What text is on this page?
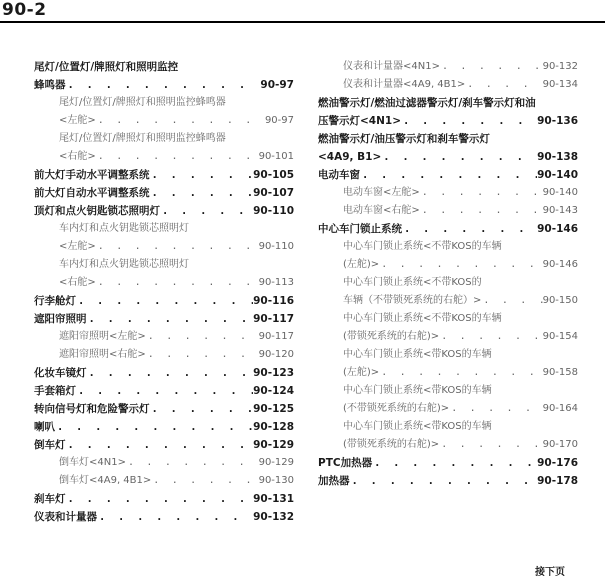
90-2
尾灯/位置灯/牌照灯和照明监控
蜂鸣器 . . .	90-97
尾灯/位置灯/牌照灯和照明监控蜂鸣器
<左舵> . . .	90-97
尾灯/位置灯/牌照灯和照明监控蜂鸣器
<右舵> . . .	90-101
前大灯手动水平调整系统 . . .	90-105
前大灯自动水平调整系统 . . .	90-107
顶灯和点火钥匙锁芯照明灯 . . .	90-110
车内灯和点火钥匙锁芯照明灯
<左舵> . . .	90-110
车内灯和点火钥匙锁芯照明灯
<右舵> . . .	90-113
行李舱灯 . . .	90-116
遮阳帘照明 . . .	90-117
遮阳帘照明<左舵> . . .	90-117
遮阳帘照明<右舵> . . .	90-120
化妆车镜灯 . . .	90-123
手套箱灯 . . .	90-124
转向信号灯和危险警示灯 . . .	90-125
喇叭 . . .	90-128
倒车灯 . . .	90-129
倒车灯<4N1> . . .	90-129
倒车灯<4A9, 4B1> . . .	90-130
刹车灯 . . .	90-131
仪表和计量器 . . .	90-132
仪表和计量器<4N1> . . .	90-132
仪表和计量器<4A9, 4B1> . . .	90-134
燃油警示灯/燃油过滤器警示灯/刹车警示灯和油
压警示灯<4N1> . . .	90-136
燃油警示灯/油压警示灯和刹车警示灯
<4A9, B1> . . .	90-138
电动车窗 . . .	90-140
电动车窗<左舵> . . .	90-140
电动车窗<右舵> . . .	90-143
中心车门锁止系统 . . .	90-146
中心车门锁止系统<不带KOS的车辆
(左舵)> . . .	90-146
中心车门锁止系统<不带KOS的
车辆（不带锁死系统的右舵）> . . .	90-150
中心车门锁止系统<不带KOS的车辆
(带锁死系统的右舵)> . . .	90-154
中心车门锁止系统<带KOS的车辆
(左舵)> . . .	90-158
中心车门锁止系统<带KOS的车辆
(不带锁死系统的右舵)> . . .	90-164
中心车门锁止系统<带KOS的车辆
(带锁死系统的右舵)> . . .	90-170
PTC加热器 . . .	90-176
加热器 . . .	90-178
接下页
